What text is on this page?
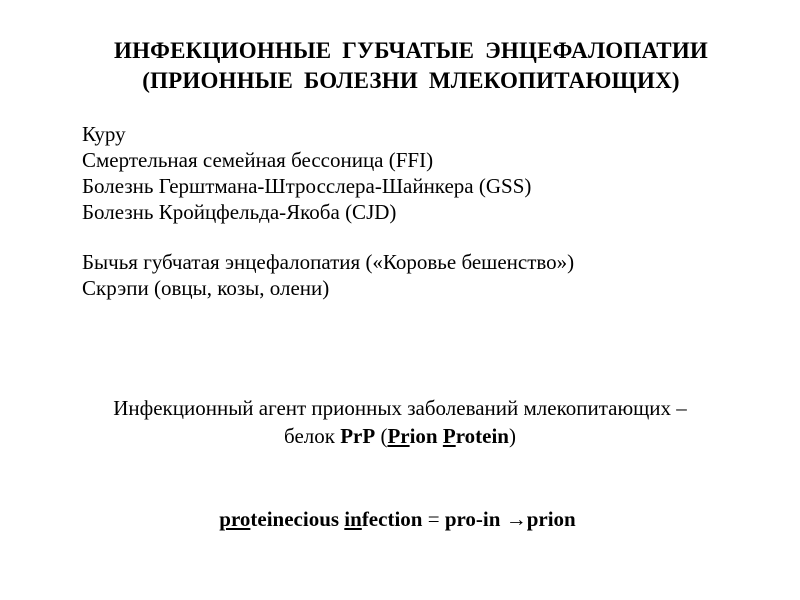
ИНФЕКЦИОННЫЕ ГУБЧАТЫЕ ЭНЦЕФАЛОПАТИИ
(ПРИОННЫЕ БОЛЕЗНИ МЛЕКОПИТАЮЩИХ)
Куру
Смертельная семейная бессоница (FFI)
Болезнь Герштмана-Штросслера-Шайнкера (GSS)
Болезнь Кройцфельда-Якоба (CJD)
Бычья губчатая энцефалопатия («Коровье бешенство»)
Скрэпи (овцы, козы, олени)
Инфекционный агент прионных заболеваний млекопитающих –
белок PrP (Prion Protein)
proteinecious infection = pro-in →prion
